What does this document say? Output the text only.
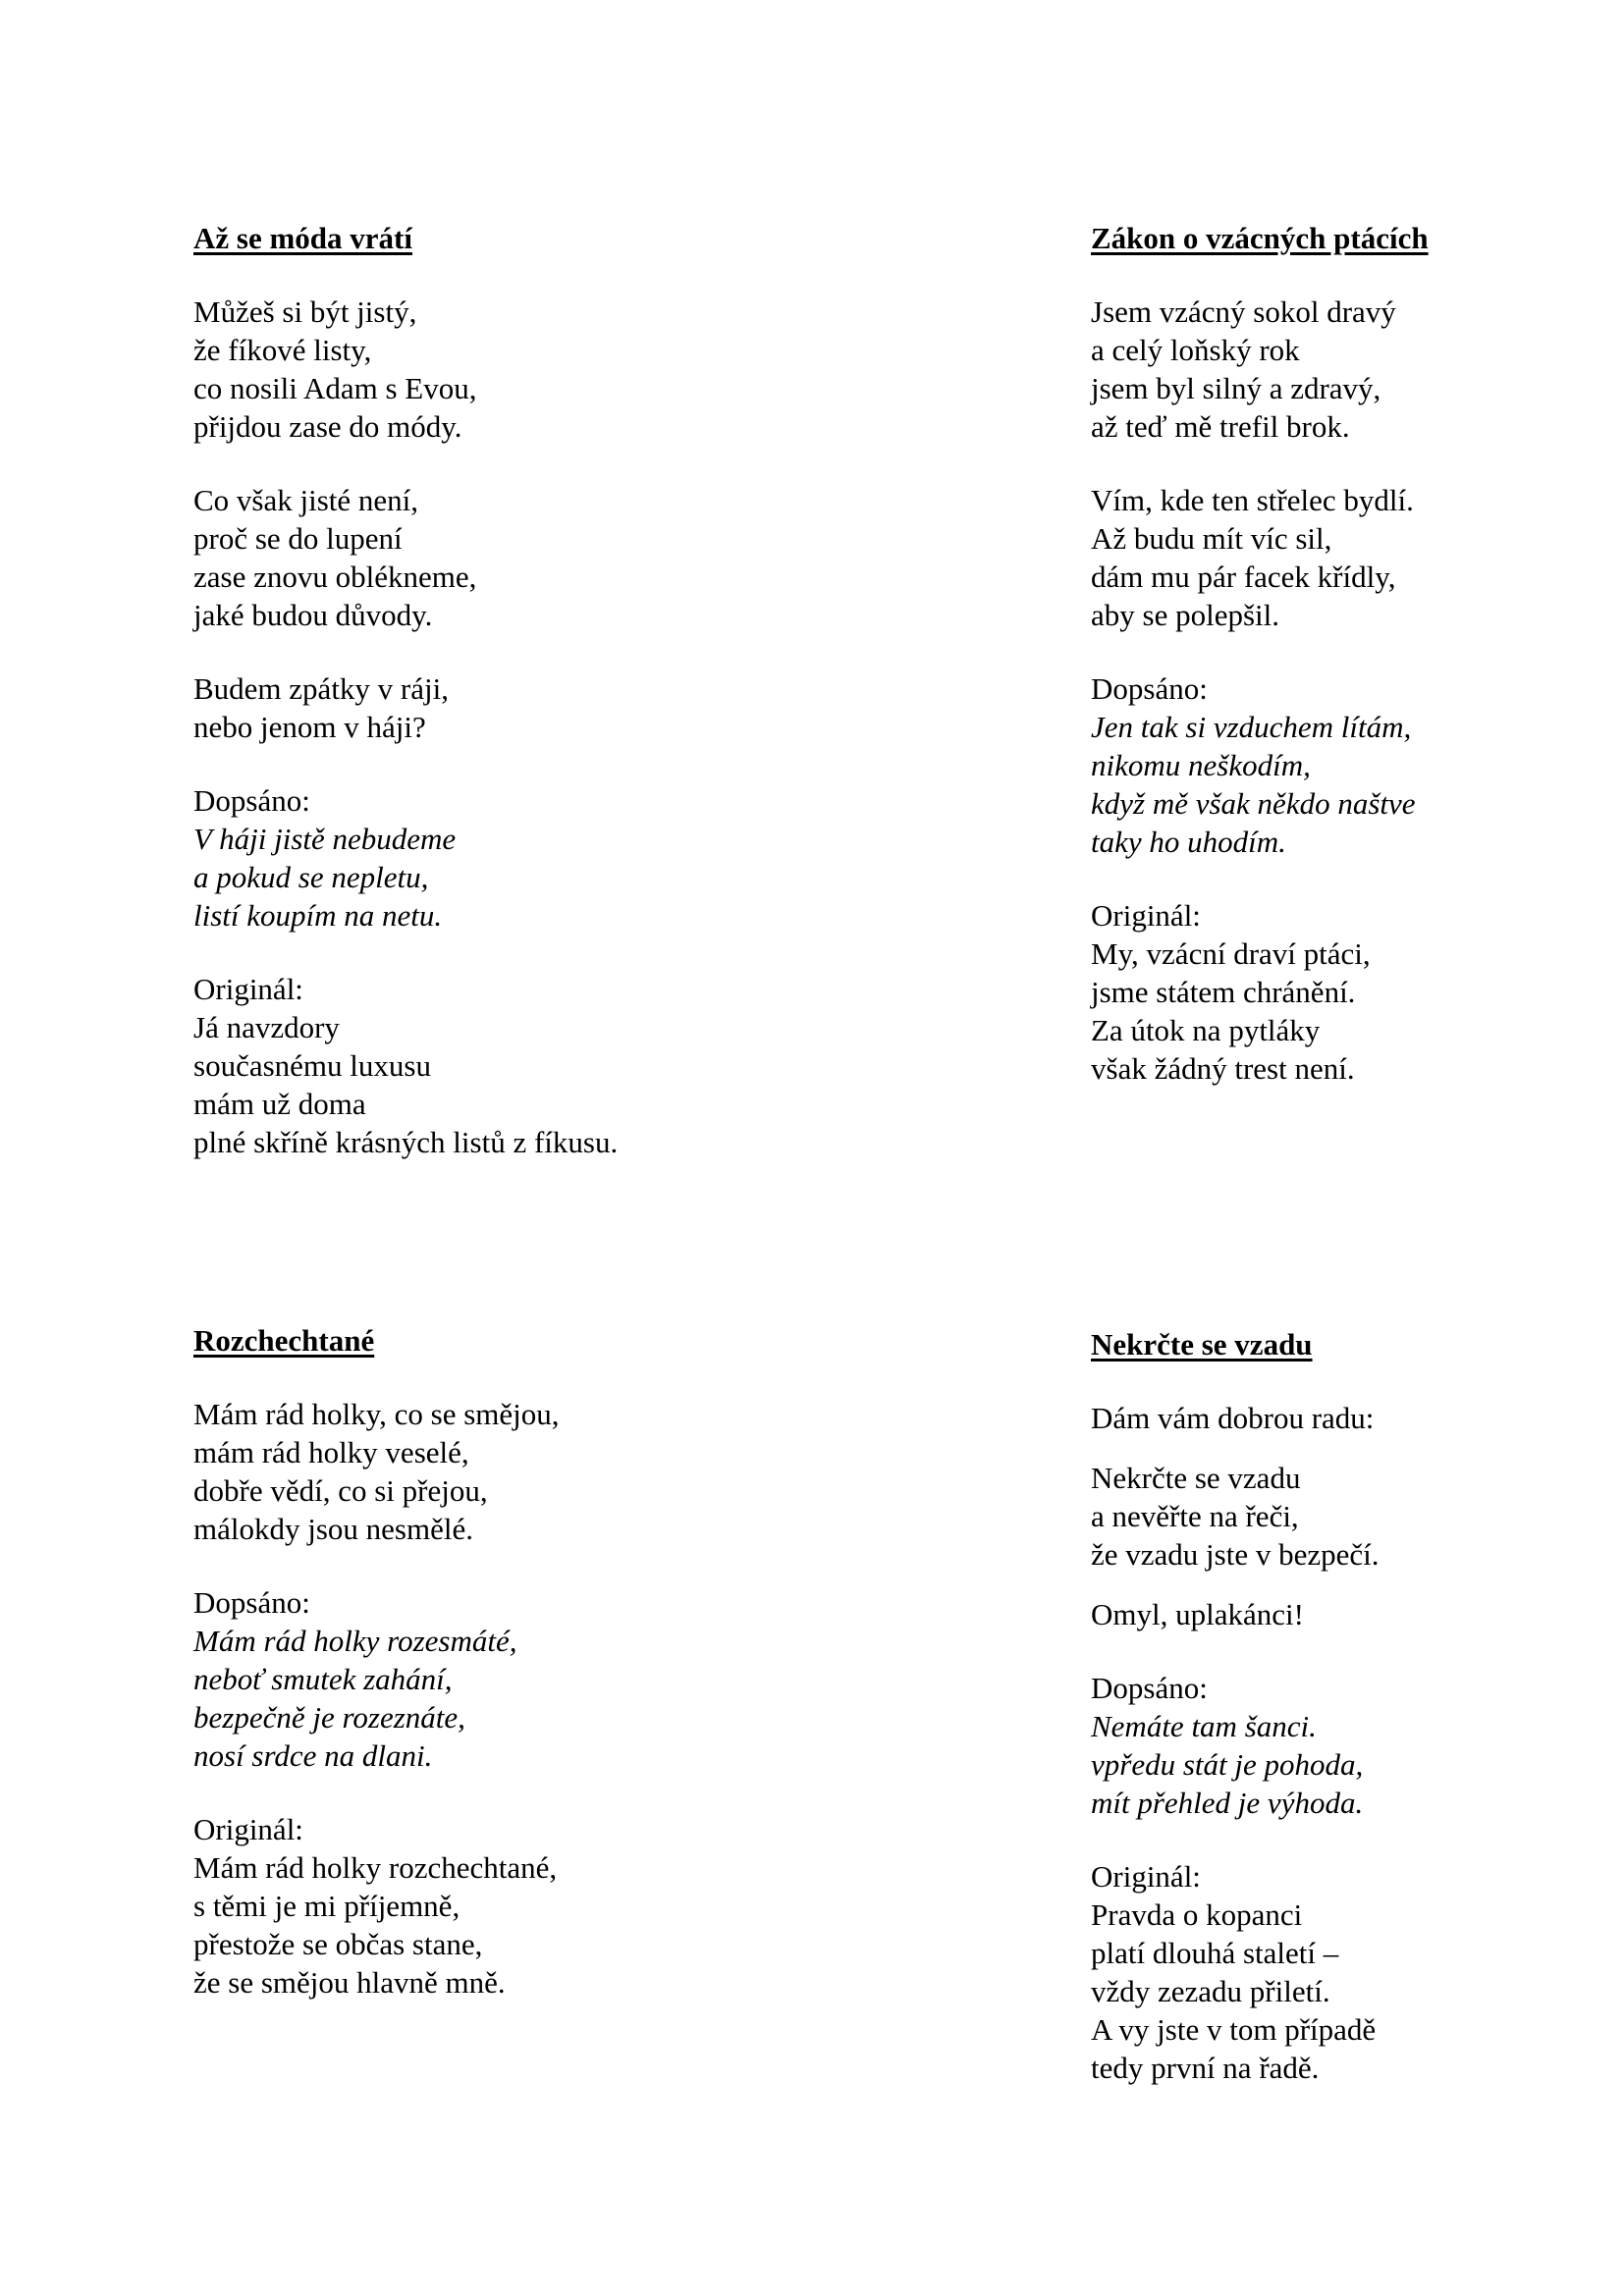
Až se móda vrátí
Můžeš si být jistý,
že fíkové listy,
co nosili Adam s Evou,
přijdou zase do módy.
Co však jisté není,
proč se do lupení
zase znovu oblékneme,
jaké budou důvody.
Budem zpátky v ráji,
nebo jenom v háji?
Dopsáno:
V háji jistě nebudeme
a pokud se nepletu,
listí koupím na netu.
Originál:
Já navzdory
současnému luxusu
mám už doma
plné skříně krásných listů z fíkusu.
Zákon o vzácných ptácích
Jsem vzácný sokol dravý
a celý loňský rok
jsem byl silný a zdravý,
až teď mě trefil brok.
Vím, kde ten střelec bydlí.
Až budu mít víc sil,
dám mu pár facek křídly,
aby se polepšil.
Dopsáno:
Jen tak si vzduchem lítám,
nikomu neškodím,
když mě však někdo naštve
taky ho uhodím.
Originál:
My, vzácní draví ptáci,
jsme státem chránění.
Za útok na pytláky
však žádný trest není.
Rozchechtané
Mám rád holky, co se smějou,
mám rád holky veselé,
dobře vědí, co si přejou,
málokdy jsou nesmělé.
Dopsáno:
Mám rád holky rozesmáté,
neboť smutek zahání,
bezpečně je rozeznáte,
nosí srdce na dlani.
Originál:
Mám rád holky rozchechtané,
s těmi je mi příjemně,
přestože se občas stane,
že se smějou hlavně mně.
Nekrčte se vzadu
Dám vám dobrou radu:
Nekrčte se vzadu
a nevěřte na řeči,
že vzadu jste v bezpečí.
Omyl, uplakánci!
Dopsáno:
Nemáte tam šanci.
vpředu stát je pohoda,
mít přehled je výhoda.
Originál:
Pravda o kopanci
platí dlouhá staletí –
vždy zezadu přiletí.
A vy jste v tom případě
tedy první na řadě.
